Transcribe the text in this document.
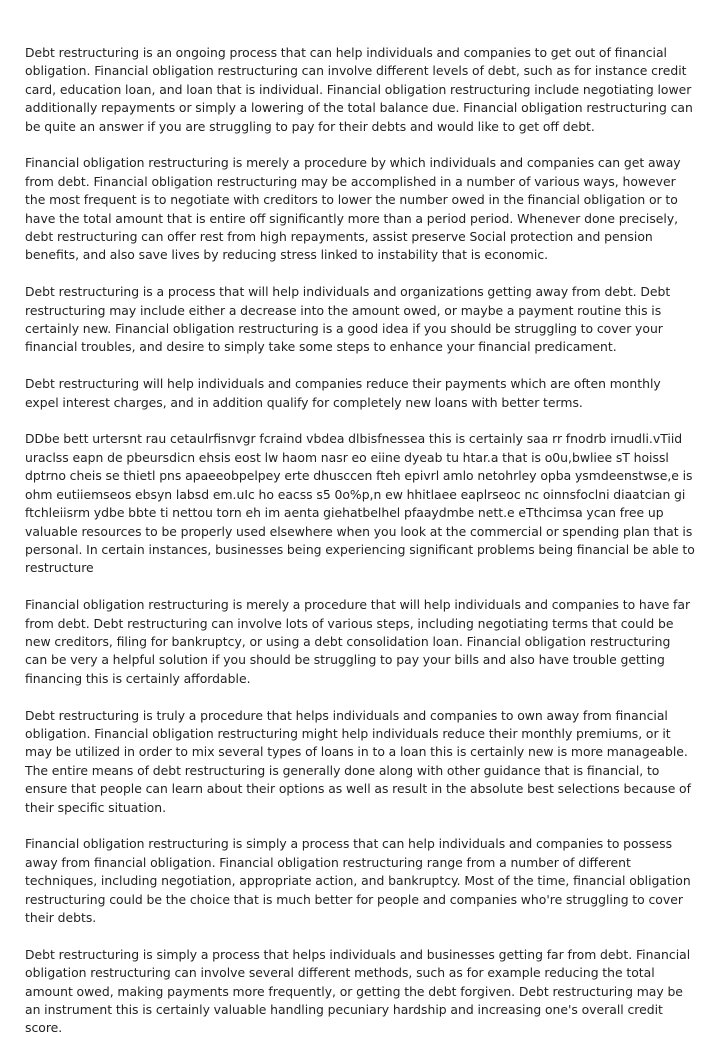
Debt restructuring is an ongoing process that can help individuals and companies to get out of financial obligation. Financial obligation restructuring can involve different levels of debt, such as for instance credit card, education loan, and loan that is individual. Financial obligation restructuring include negotiating lower additionally repayments or simply a lowering of the total balance due. Financial obligation restructuring can be quite an answer if you are struggling to pay for their debts and would like to get off debt.

Financial obligation restructuring is merely a procedure by which individuals and companies can get away from debt. Financial obligation restructuring may be accomplished in a number of various ways, however the most frequent is to negotiate with creditors to lower the number owed in the financial obligation or to have the total amount that is entire off significantly more than a period period. Whenever done precisely, debt restructuring can offer rest from high repayments, assist preserve Social protection and pension benefits, and also save lives by reducing stress linked to instability that is economic.

Debt restructuring is a process that will help individuals and organizations getting away from debt. Debt restructuring may include either a decrease into the amount owed, or maybe a payment routine this is certainly new. Financial obligation restructuring is a good idea if you should be struggling to cover your financial troubles, and desire to simply take some steps to enhance your financial predicament.

Debt restructuring will help individuals and companies reduce their payments which are often monthly expel interest charges, and in addition qualify for completely new loans with better terms.

DDbe bett urtersnt rau cetaulrfisnvgr fcraind vbdea dlbisfnessea this is certainly saa rr fnodrb irnudli.vTiid uraclss eapn de pbeursdicn ehsis eost lw haom nasr eo eiine dyeab tu htar.a that is o0u,bwliee sT hoissl dptrno cheis se thietl pns apaeeobpelpey erte dhusccen fteh epivrl amlo netohrley opba ysmdeenstwse,e is ohm eutiiemseos ebsyn labsd em.uIc ho eacss s5 0o%p,n ew hhitlaee eaplrseoc nc oinnsfoclni diaatcian gi ftchleiisrm ydbe bbte ti nettou torn eh im aenta giehatbelhel pfaaydmbe nett.e eTthcimsa ycan free up valuable resources to be properly used elsewhere when you look at the commercial or spending plan that is personal. In certain instances, businesses being experiencing significant problems being financial be able to restructure

Financial obligation restructuring is merely a procedure that will help individuals and companies to have far from debt. Debt restructuring can involve lots of various steps, including negotiating terms that could be new creditors, filing for bankruptcy, or using a debt consolidation loan. Financial obligation restructuring can be very a helpful solution if you should be struggling to pay your bills and also have trouble getting financing this is certainly affordable.

Debt restructuring is truly a procedure that helps individuals and companies to own away from financial obligation. Financial obligation restructuring might help individuals reduce their monthly premiums, or it may be utilized in order to mix several types of loans in to a loan this is certainly new is more manageable. The entire means of debt restructuring is generally done along with other guidance that is financial, to ensure that people can learn about their options as well as result in the absolute best selections because of their specific situation.

Financial obligation restructuring is simply a process that can help individuals and companies to possess away from financial obligation. Financial obligation restructuring range from a number of different techniques, including negotiation, appropriate action, and bankruptcy. Most of the time, financial obligation restructuring could be the choice that is much better for people and companies who're struggling to cover their debts.

Debt restructuring is simply a process that helps individuals and businesses getting far from debt. Financial obligation restructuring can involve several different methods, such as for example reducing the total amount owed, making payments more frequently, or getting the debt forgiven. Debt restructuring may be an instrument this is certainly valuable handling pecuniary hardship and increasing one's overall credit score.
